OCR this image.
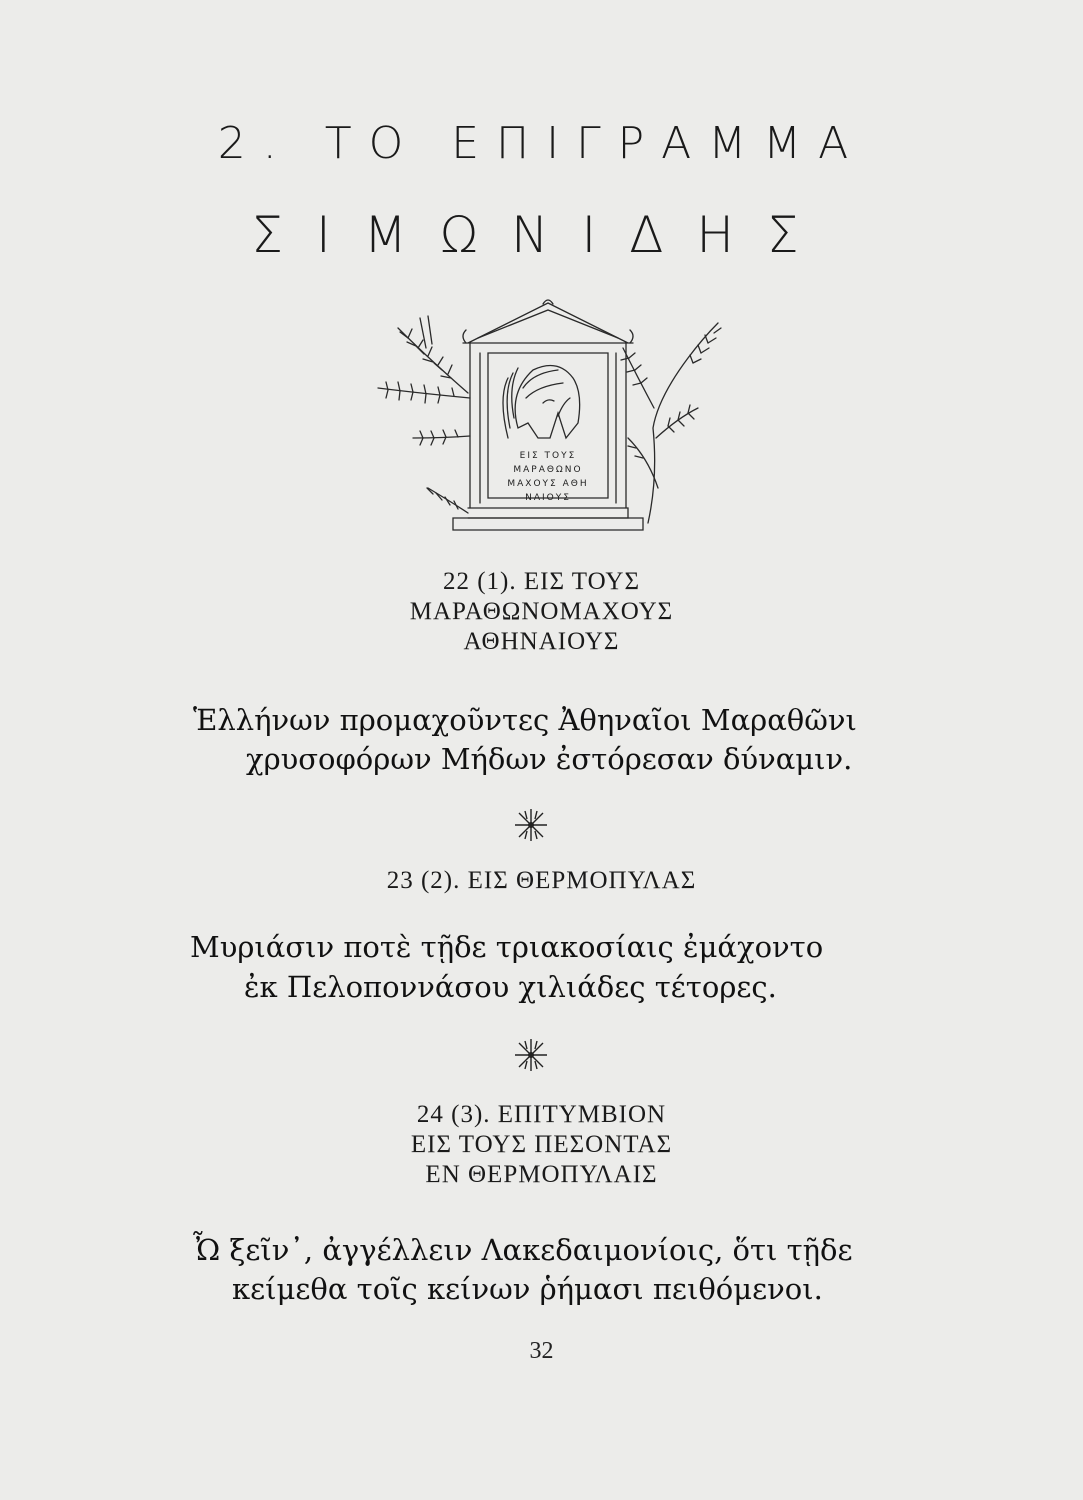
2. ΤΟ ΕΠΙΓΡΑΜΜΑ
ΣΙΜΩΝΙΔΗΣ
ΕΙΣ ΤΟΥΣ
ΜΑΡΑΘΩΝΟ
ΜΑΧΟΥΣ ΑΘΗ
ΝΑΙΟΥΣ
22 (1). ΕΙΣ ΤΟΥΣ
ΜΑΡΑΘΩΝΟΜΑΧΟΥΣ
ΑΘΗΝΑΙΟΥΣ
Ἑλλήνων προμαχοῦντες Ἀθηναῖοι Μαραθῶνι
χρυσοφόρων Μήδων ἐστόρεσαν δύναμιν.
23 (2). ΕΙΣ ΘΕΡΜΟΠΥΛΑΣ
Μυριάσιν ποτὲ τῇδε τριακοσίαις ἐμάχοντο
ἐκ Πελοποννάσου χιλιάδες τέτορες.
24 (3). ΕΠΙΤΥΜΒΙΟΝ
ΕΙΣ ΤΟΥΣ ΠΕΣΟΝΤΑΣ
ΕΝ ΘΕΡΜΟΠΥΛΑΙΣ
Ὦ ξεῖν᾽, ἀγγέλλειν Λακεδαιμονίοις, ὅτι τῇδε
κείμεθα τοῖς κείνων ῥήμασι πειθόμενοι.
32
